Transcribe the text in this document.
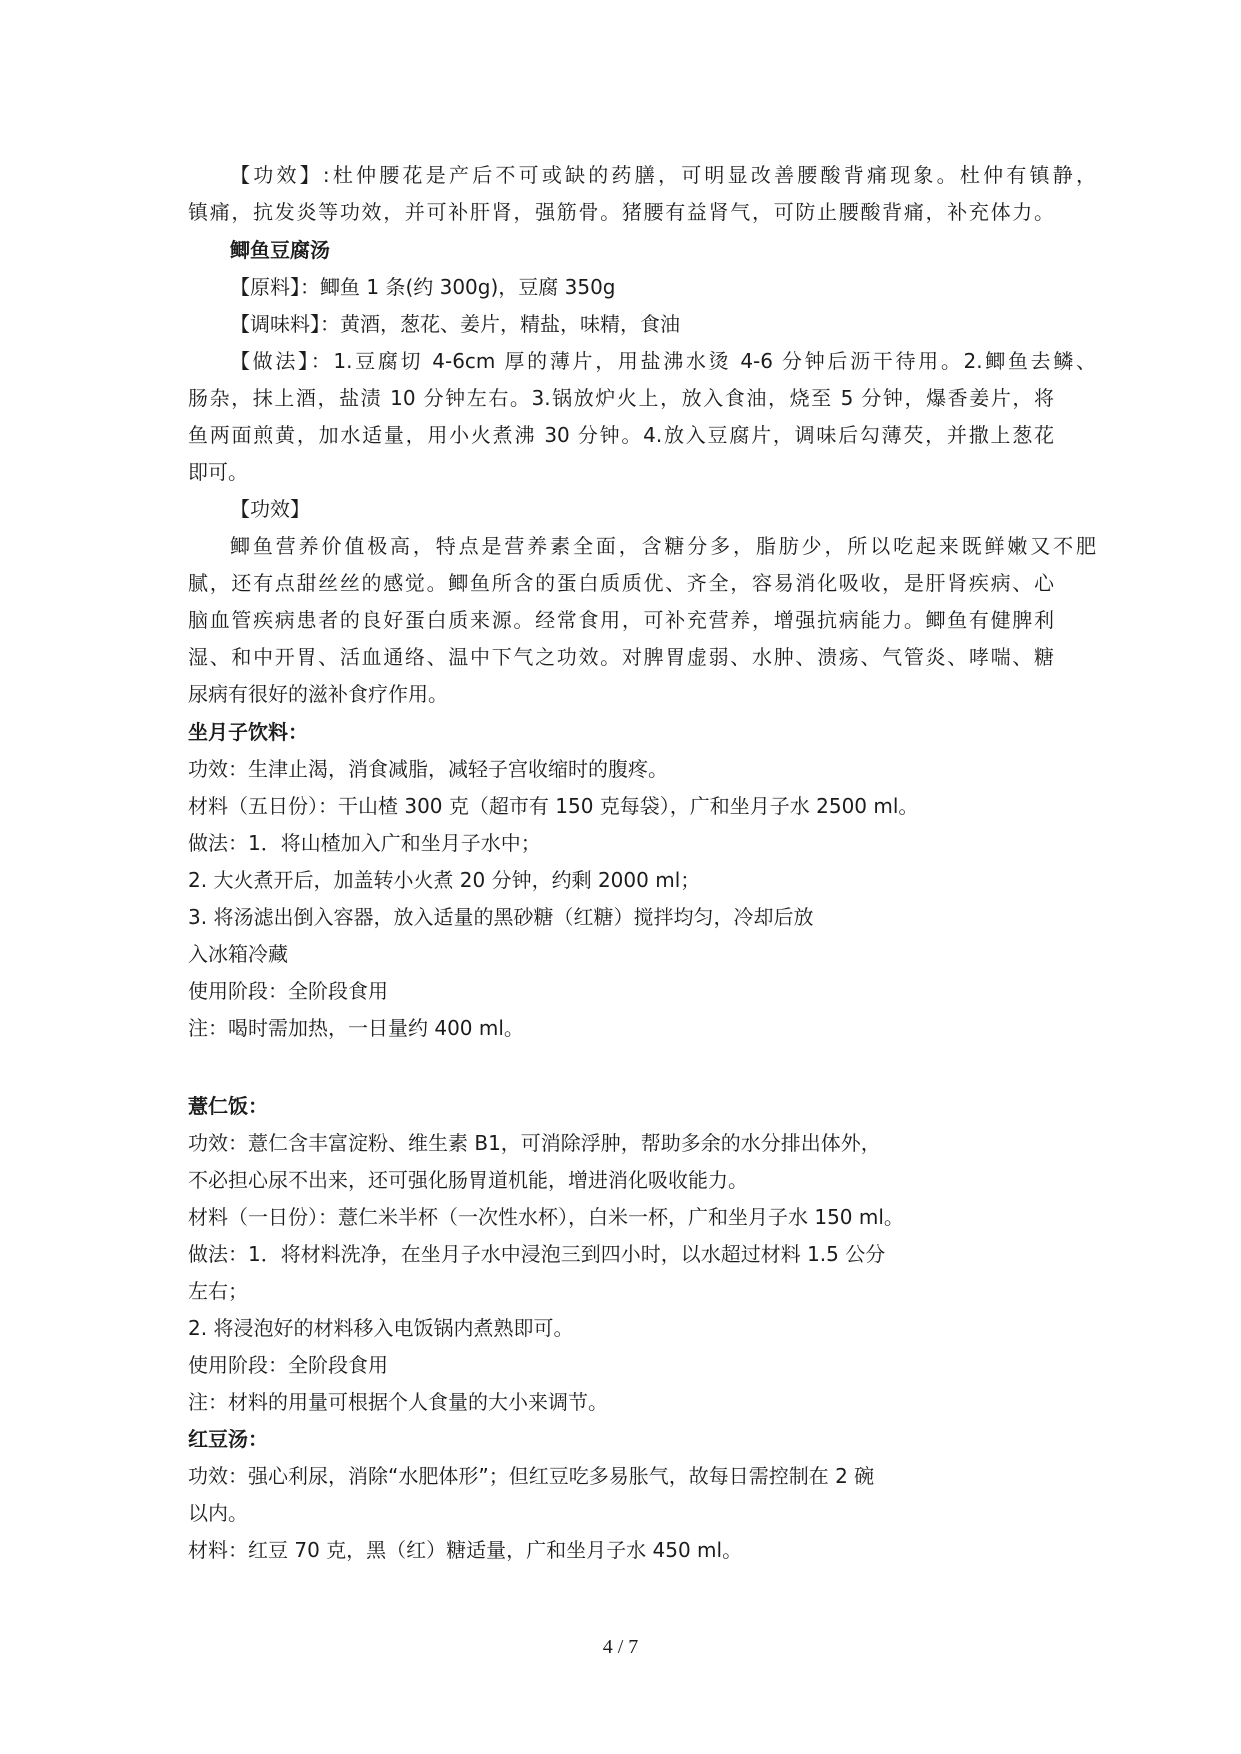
【功效】:杜仲腰花是产后不可或缺的药膳，可明显改善腰酸背痛现象。杜仲有镇静，
镇痛，抗发炎等功效，并可补肝肾，强筋骨。猪腰有益肾气，可防止腰酸背痛，补充体力。
鲫鱼豆腐汤
【原料】：鲫鱼 1 条(约 300g)，豆腐 350g
【调味料】：黄酒，葱花、姜片，精盐，味精，食油
【做法】：1.豆腐切 4-6cm 厚的薄片，用盐沸水烫 4-6 分钟后沥干待用。2.鲫鱼去鳞、
肠杂，抹上酒，盐渍 10 分钟左右。3.锅放炉火上，放入食油，烧至 5 分钟，爆香姜片，将
鱼两面煎黄，加水适量，用小火煮沸 30 分钟。4.放入豆腐片，调味后勾薄芡，并撒上葱花
即可。
【功效】
鲫鱼营养价值极高，特点是营养素全面，含糖分多，脂肪少，所以吃起来既鲜嫩又不肥
腻，还有点甜丝丝的感觉。鲫鱼所含的蛋白质质优、齐全，容易消化吸收，是肝肾疾病、心
脑血管疾病患者的良好蛋白质来源。经常食用，可补充营养，增强抗病能力。鲫鱼有健脾利
湿、和中开胃、活血通络、温中下气之功效。对脾胃虚弱、水肿、溃疡、气管炎、哮喘、糖
尿病有很好的滋补食疗作用。
坐月子饮料：
功效：生津止渴，消食减脂，减轻子宫收缩时的腹疼。
材料（五日份）：干山楂 300 克（超市有 150 克每袋），广和坐月子水 2500 ml。
做法：1．将山楂加入广和坐月子水中；
2. 大火煮开后，加盖转小火煮 20 分钟，约剩 2000 ml；
3. 将汤滤出倒入容器，放入适量的黑砂糖（红糖）搅拌均匀，冷却后放
入冰箱冷藏
使用阶段：全阶段食用
注：喝时需加热，一日量约 400 ml。
薏仁饭：
功效：薏仁含丰富淀粉、维生素 B1，可消除浮肿，帮助多余的水分排出体外，
不必担心尿不出来，还可强化肠胃道机能，增进消化吸收能力。
材料（一日份）：薏仁米半杯（一次性水杯），白米一杯，广和坐月子水 150 ml。
做法：1．将材料洗净，在坐月子水中浸泡三到四小时，以水超过材料 1.5 公分
左右；
2. 将浸泡好的材料移入电饭锅内煮熟即可。
使用阶段：全阶段食用
注：材料的用量可根据个人食量的大小来调节。
红豆汤：
功效：强心利尿，消除“水肥体形”；但红豆吃多易胀气，故每日需控制在 2 碗
以内。
材料：红豆 70 克，黑（红）糖适量，广和坐月子水 450 ml。
4 / 7
